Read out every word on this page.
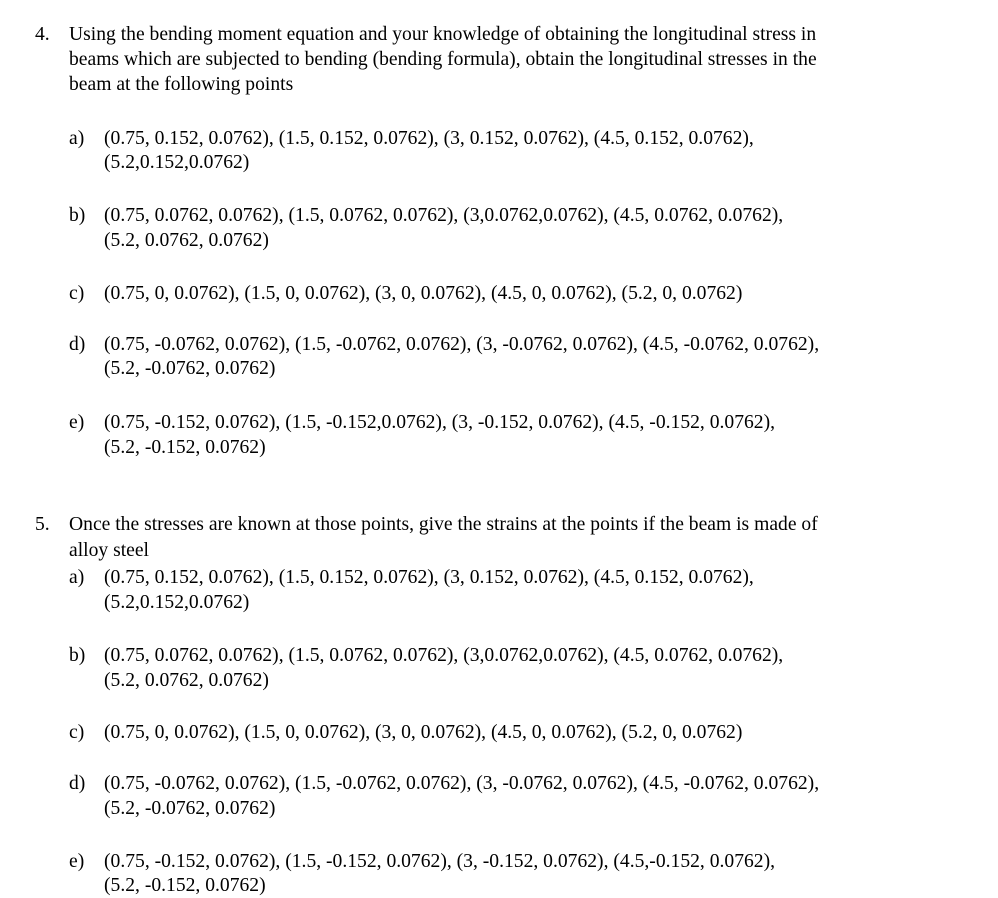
4. Using the bending moment equation and your knowledge of obtaining the longitudinal stress in
beams which are subjected to bending (bending formula), obtain the longitudinal stresses in the
beam at the following points
a) (0.75, 0.152, 0.0762), (1.5, 0.152, 0.0762), (3, 0.152, 0.0762), (4.5, 0.152, 0.0762),
(5.2,0.152,0.0762)
b) (0.75, 0.0762, 0.0762), (1.5, 0.0762, 0.0762), (3,0.0762,0.0762), (4.5, 0.0762, 0.0762),
(5.2, 0.0762, 0.0762)
c) (0.75, 0, 0.0762), (1.5, 0, 0.0762), (3, 0, 0.0762), (4.5, 0, 0.0762), (5.2, 0, 0.0762)
d) (0.75, -0.0762, 0.0762), (1.5, -0.0762, 0.0762), (3, -0.0762, 0.0762), (4.5, -0.0762, 0.0762),
(5.2, -0.0762, 0.0762)
e) (0.75, -0.152, 0.0762), (1.5, -0.152,0.0762), (3, -0.152, 0.0762), (4.5, -0.152, 0.0762),
(5.2, -0.152, 0.0762)
5. Once the stresses are known at those points, give the strains at the points if the beam is made of
alloy steel
a) (0.75, 0.152, 0.0762), (1.5, 0.152, 0.0762), (3, 0.152, 0.0762), (4.5, 0.152, 0.0762),
(5.2,0.152,0.0762)
b) (0.75, 0.0762, 0.0762), (1.5, 0.0762, 0.0762), (3,0.0762,0.0762), (4.5, 0.0762, 0.0762),
(5.2, 0.0762, 0.0762)
c) (0.75, 0, 0.0762), (1.5, 0, 0.0762), (3, 0, 0.0762), (4.5, 0, 0.0762), (5.2, 0, 0.0762)
d) (0.75, -0.0762, 0.0762), (1.5, -0.0762, 0.0762), (3, -0.0762, 0.0762), (4.5, -0.0762, 0.0762),
(5.2, -0.0762, 0.0762)
e) (0.75, -0.152, 0.0762), (1.5, -0.152, 0.0762), (3, -0.152, 0.0762), (4.5,-0.152, 0.0762),
(5.2, -0.152, 0.0762)
